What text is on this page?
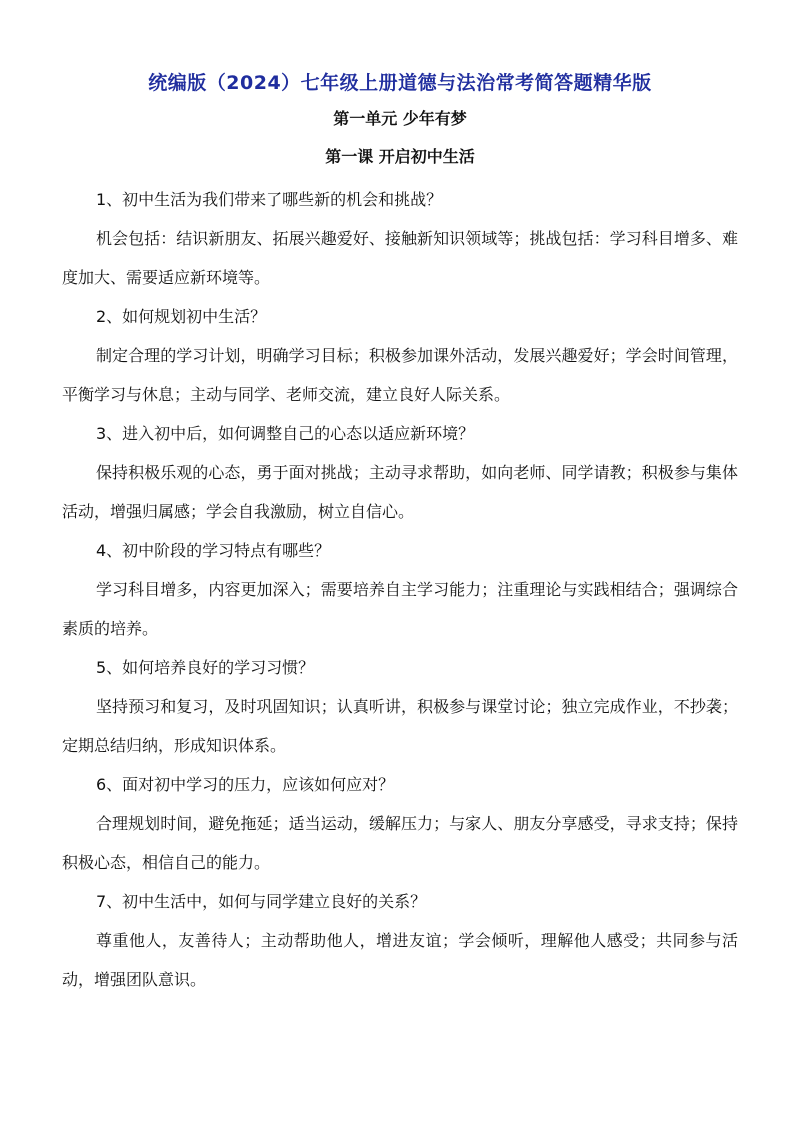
统编版（2024）七年级上册道德与法治常考简答题精华版
第一单元 少年有梦
第一课 开启初中生活

1、初中生活为我们带来了哪些新的机会和挑战？

机会包括：结识新朋友、拓展兴趣爱好、接触新知识领域等；挑战包括：学习科目增多、难度加大、需要适应新环境等。

2、如何规划初中生活？

制定合理的学习计划，明确学习目标；积极参加课外活动，发展兴趣爱好；学会时间管理，平衡学习与休息；主动与同学、老师交流，建立良好人际关系。

3、进入初中后，如何调整自己的心态以适应新环境？

保持积极乐观的心态，勇于面对挑战；主动寻求帮助，如向老师、同学请教；积极参与集体活动，增强归属感；学会自我激励，树立自信心。

4、初中阶段的学习特点有哪些？

学习科目增多，内容更加深入；需要培养自主学习能力；注重理论与实践相结合；强调综合素质的培养。

5、如何培养良好的学习习惯？

坚持预习和复习，及时巩固知识；认真听讲，积极参与课堂讨论；独立完成作业，不抄袭；定期总结归纳，形成知识体系。

6、面对初中学习的压力，应该如何应对？

合理规划时间，避免拖延；适当运动，缓解压力；与家人、朋友分享感受，寻求支持；保持积极心态，相信自己的能力。

7、初中生活中，如何与同学建立良好的关系？

尊重他人，友善待人；主动帮助他人，增进友谊；学会倾听，理解他人感受；共同参与活动，增强团队意识。
